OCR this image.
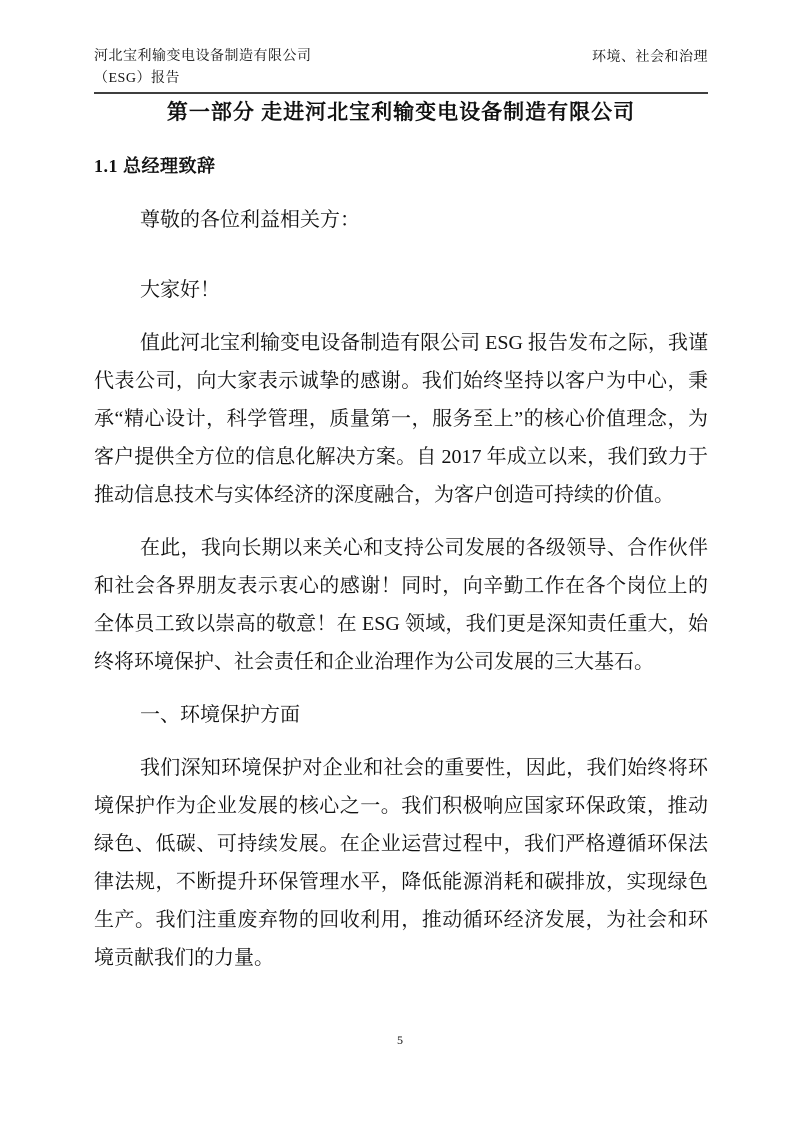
河北宝利输变电设备制造有限公司
（ESG）报告
环境、社会和治理
第一部分 走进河北宝利输变电设备制造有限公司
1.1 总经理致辞

尊敬的各位利益相关方：

大家好！

值此河北宝利输变电设备制造有限公司 ESG 报告发布之际，我谨代表公司，向大家表示诚挚的感谢。我们始终坚持以客户为中心，秉承“精心设计，科学管理，质量第一，服务至上”的核心价值理念，为客户提供全方位的信息化解决方案。自 2017 年成立以来，我们致力于推动信息技术与实体经济的深度融合，为客户创造可持续的价值。

在此，我向长期以来关心和支持公司发展的各级领导、合作伙伴和社会各界朋友表示衷心的感谢！同时，向辛勤工作在各个岗位上的全体员工致以崇高的敬意！在 ESG 领域，我们更是深知责任重大，始终将环境保护、社会责任和企业治理作为公司发展的三大基石。

一、环境保护方面

我们深知环境保护对企业和社会的重要性，因此，我们始终将环境保护作为企业发展的核心之一。我们积极响应国家环保政策，推动绿色、低碳、可持续发展。在企业运营过程中，我们严格遵循环保法律法规，不断提升环保管理水平，降低能源消耗和碳排放，实现绿色生产。我们注重废弃物的回收利用，推动循环经济发展，为社会和环境贡献我们的力量。

5
